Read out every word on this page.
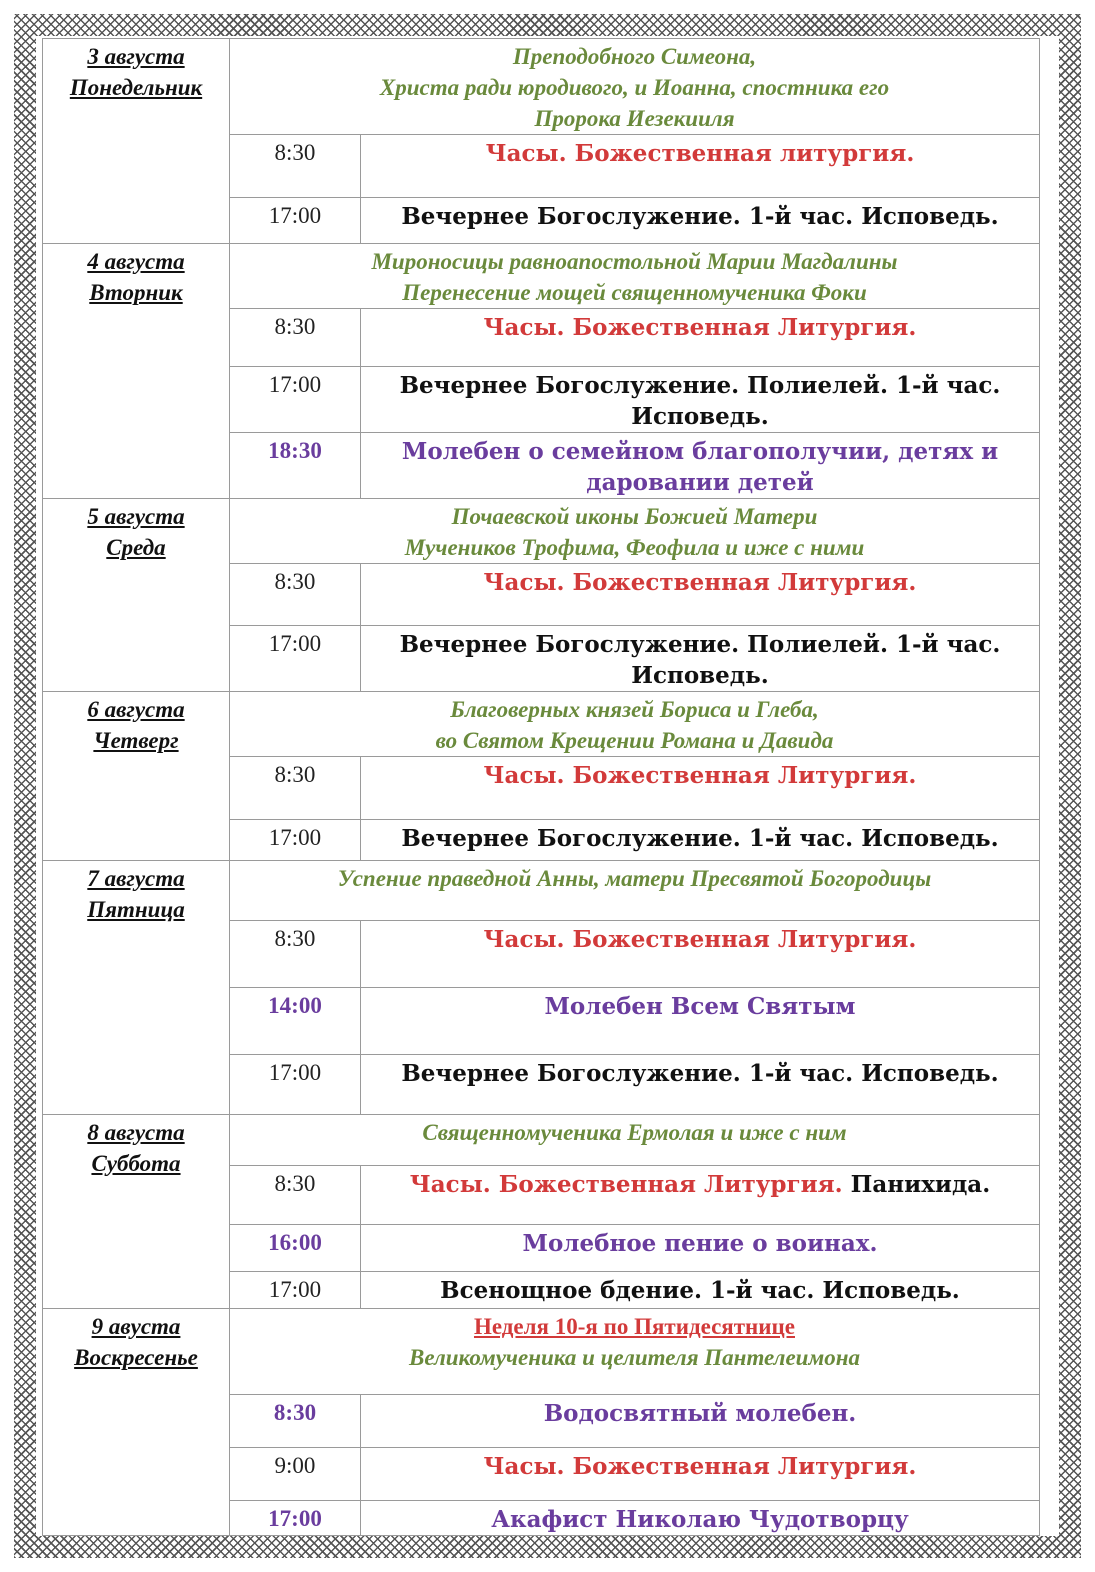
3 августа
Понедельник	Преподобного Симеона,
Христа ради юродивого, и Иоанна, спостника его
Пророка Иезекииля	

	8:30	Часы. Божественная литургия.
	17:00	Вечернее Богослужение. 1-й час. Исповедь.

4 августа
Вторник	Мироносицы равноапостольной Марии Магдалины
Перенесение мощей священномученика Фоки	

	8:30	Часы. Божественная Литургия.
	17:00	Вечернее Богослужение. Полиелей. 1-й час. Исповедь.
	18:30	Молебен о семейном благополучии, детях и даровании детей

5 августа
Среда	Почаевской иконы Божией Матери
Мучеников Трофима, Феофила и иже с ними	

	8:30	Часы. Божественная Литургия.
	17:00	Вечернее Богослужение. Полиелей. 1-й час. Исповедь.

6 августа
Четверг	Благоверных князей Бориса и Глеба,
во Святом Крещении Романа и Давида	

	8:30	Часы. Божественная Литургия.
	17:00	Вечернее Богослужение. 1-й час. Исповедь.

7 августа
Пятница	Успение праведной Анны, матери Пресвятой Богородицы	

	8:30	Часы. Божественная Литургия.
	14:00	Молебен Всем Святым
	17:00	Вечернее Богослужение. 1-й час. Исповедь.

8 августа
Суббота	Священномученика Ермолая и иже с ним	

	8:30	Часы. Божественная Литургия. Панихида.
	16:00	Молебное пение о воинах.
	17:00	Всенощное бдение. 1-й час. Исповедь.

9 авуста
Воскресенье	Неделя 10-я по Пятидесятнице
Великомученика и целителя Пантелеимона	

	8:30	Водосвятный молебен.
	9:00	Часы. Божественная Литургия.
	17:00	Акафист Николаю Чудотворцу
